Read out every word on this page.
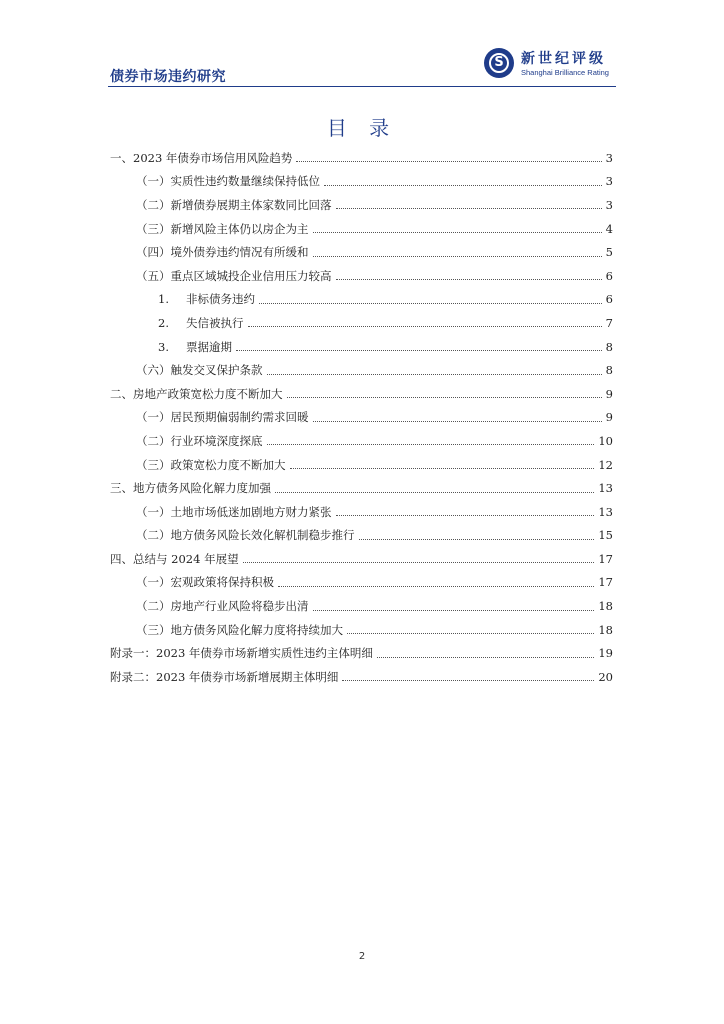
债券市场违约研究
S	新世纪评级
Shanghai Brilliance Rating
目 录
一、2023 年债券市场信用风险趋势	3
（一）实质性违约数量继续保持低位	3
（二）新增债券展期主体家数同比回落	3
（三）新增风险主体仍以房企为主	4
（四）境外债券违约情况有所缓和	5
（五）重点区域城投企业信用压力较高	6
1. 非标债务违约	6
2. 失信被执行	7
3. 票据逾期	8
（六）触发交叉保护条款	8
二、房地产政策宽松力度不断加大	9
（一）居民预期偏弱制约需求回暖	9
（二）行业环境深度探底	10
（三）政策宽松力度不断加大	12
三、地方债务风险化解力度加强	13
（一）土地市场低迷加剧地方财力紧张	13
（二）地方债务风险长效化解机制稳步推行	15
四、总结与 2024 年展望	17
（一）宏观政策将保持积极	17
（二）房地产行业风险将稳步出清	18
（三）地方债务风险化解力度将持续加大	18
附录一：2023 年债券市场新增实质性违约主体明细	19
附录二：2023 年债券市场新增展期主体明细	20
2
